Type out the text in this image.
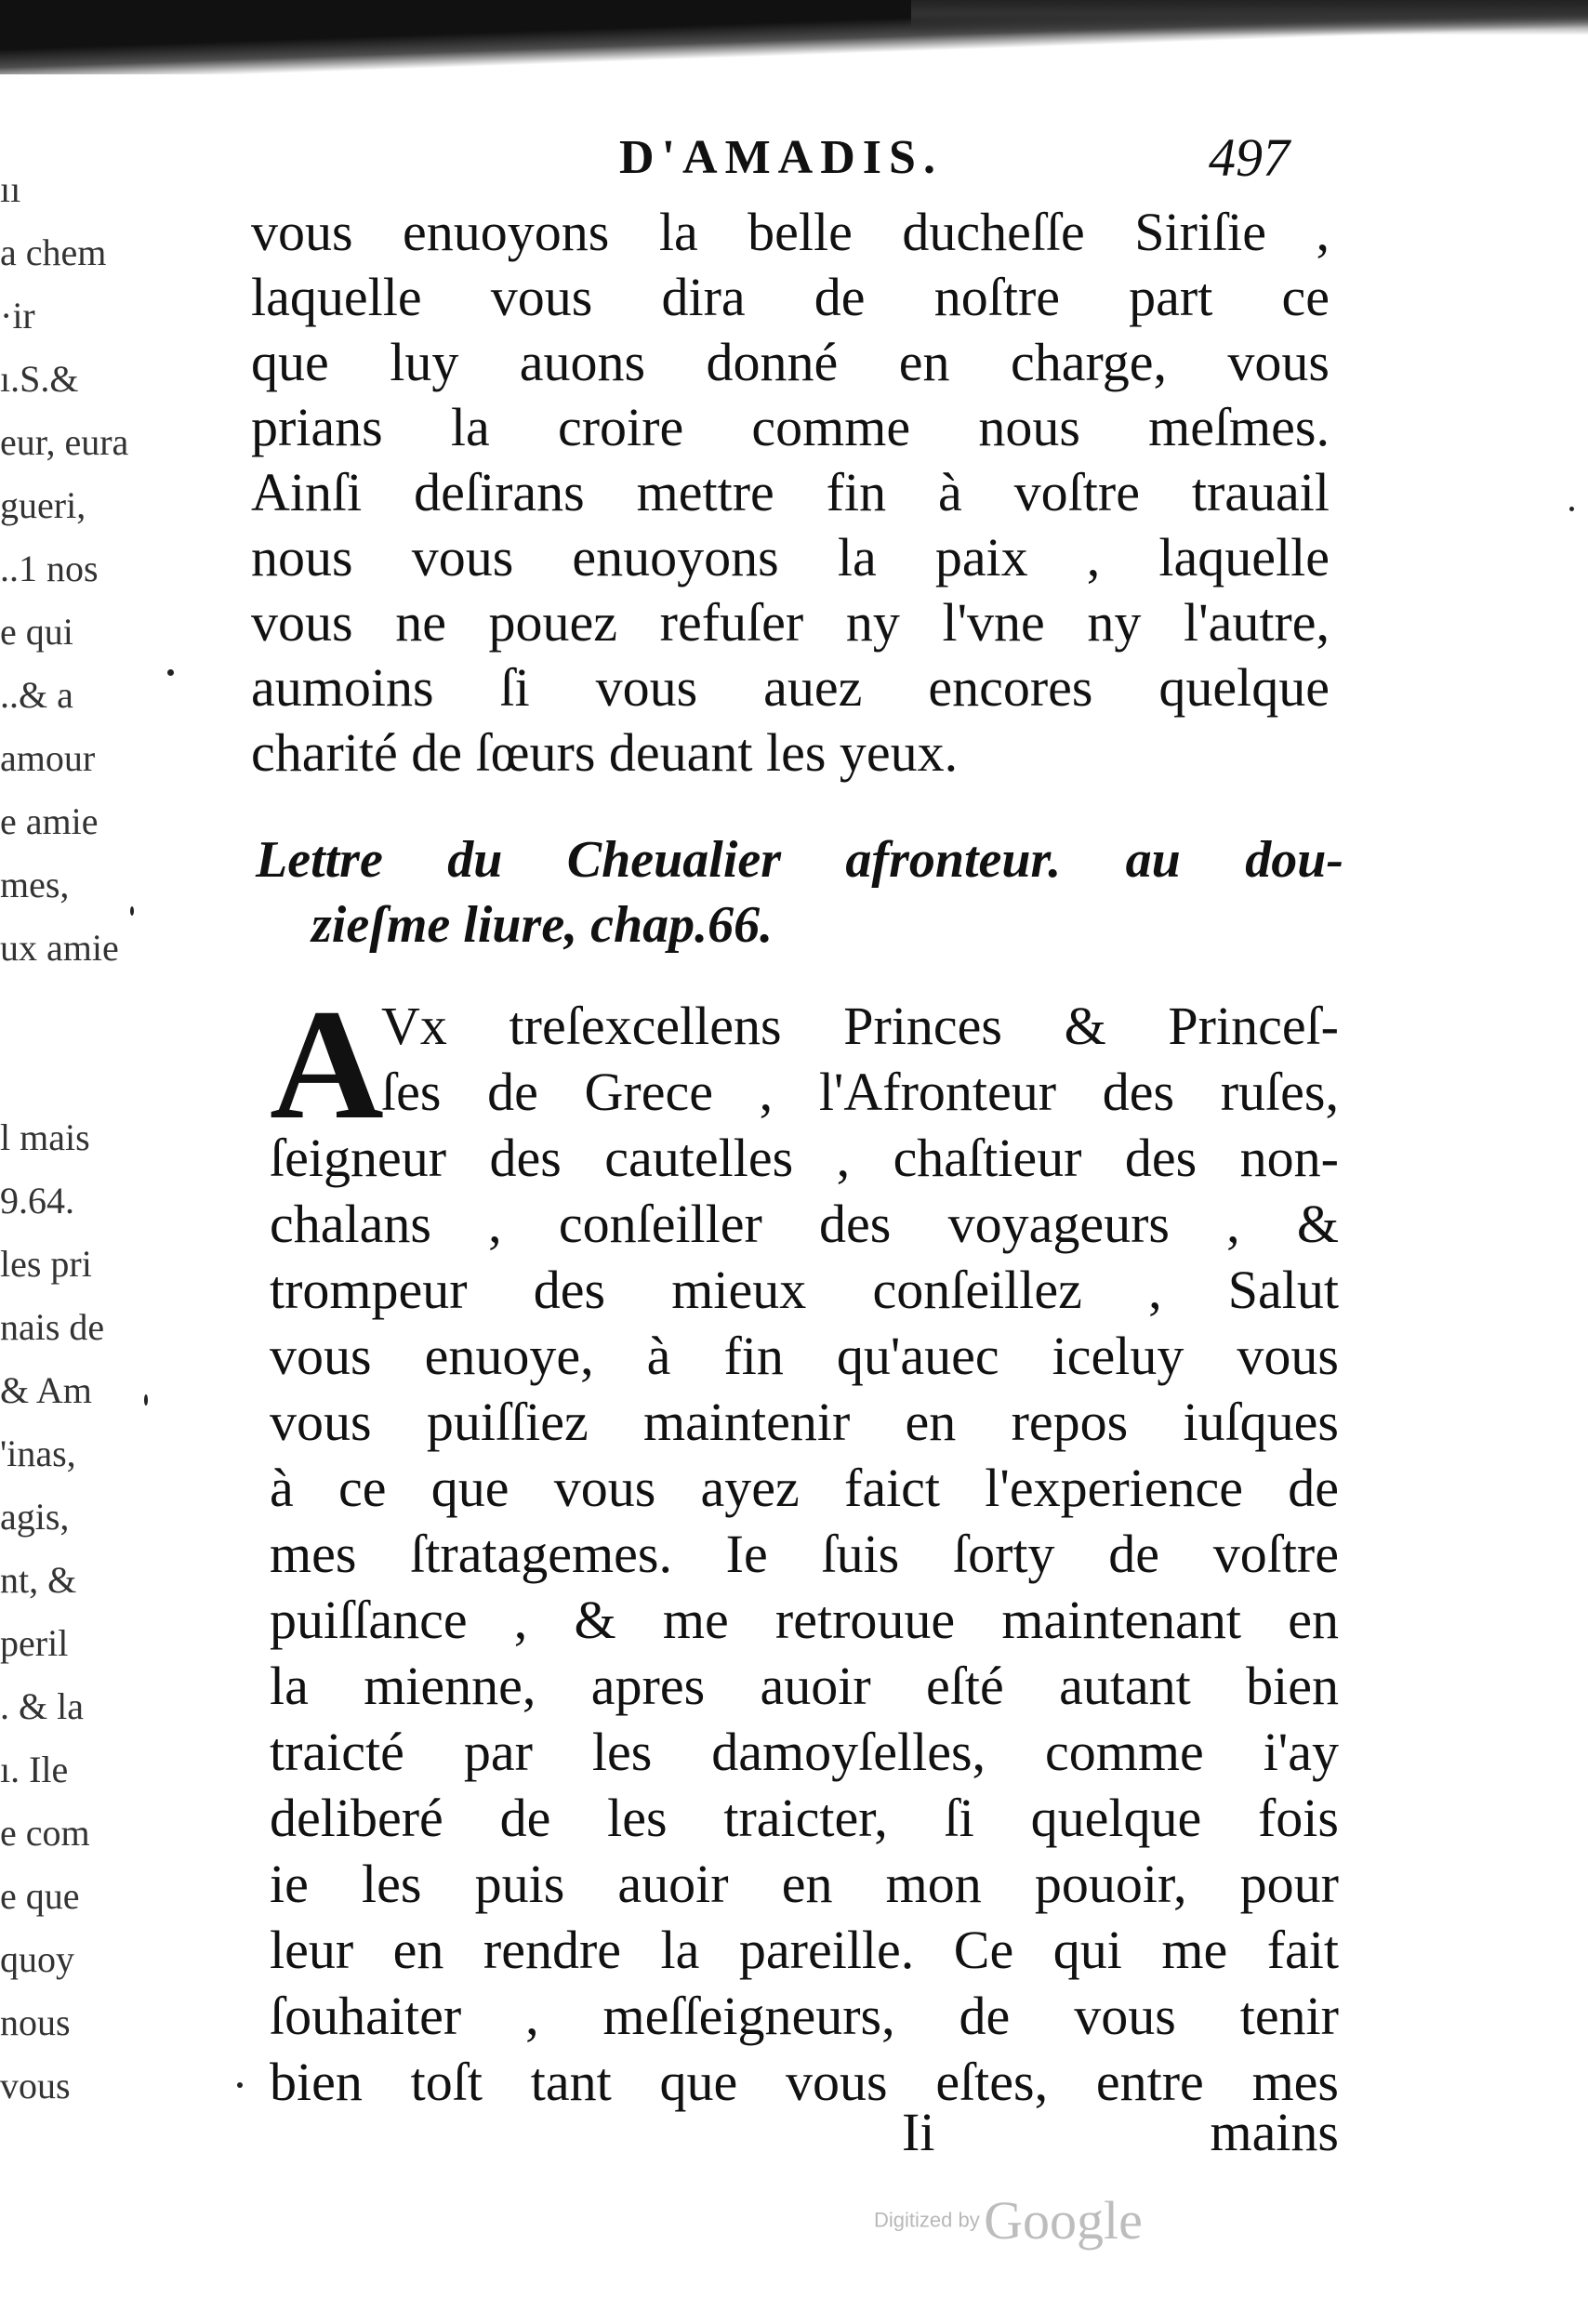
ıı
a chem
·ir
ı.S.&
eur, eura
gueri,
..1 nos
e qui
..& a
amour
e amie
mes,
ux amie

l mais
9.64.
les pri
nais de
& Am
'inas,
agis,
nt, &
peril
. & la
ı. Ile
e com
e que
quoy
nous
vous
D'AMADIS.	497
vous enuoyons la belle ducheſſe Siriſie ,
laquelle vous dira de noſtre part ce
que luy auons donné en charge, vous
prians la croire comme nous meſmes.
Ainſi deſirans mettre fin à voſtre trauail
nous vous enuoyons la paix , laquelle
vous ne pouez refuſer ny l'vne ny l'autre,
aumoins ſi vous auez encores quelque
charité de ſœurs deuant les yeux.
Lettre du Cheualier afronteur. au dou-
zieſme liure, chap.66.
A
Vx treſexcellens Princes & Princeſ-
ſes de Grece , l'Afronteur des ruſes,
ſeigneur des cautelles , chaſtieur des non-
chalans , conſeiller des voyageurs , &
trompeur des mieux conſeillez , Salut
vous enuoye, à fin qu'auec iceluy vous
vous puiſſiez maintenir en repos iuſques
à ce que vous ayez faict l'experience de
mes ſtratagemes. Ie ſuis ſorty de voſtre
puiſſance , & me retrouue maintenant en
la mienne, apres auoir eſté autant bien
traicté par les damoyſelles, comme i'ay
deliberé de les traicter, ſi quelque fois
ie les puis auoir en mon pouoir, pour
leur en rendre la pareille. Ce qui me fait
ſouhaiter , meſſeigneurs, de vous tenir
bien toſt tant que vous eſtes, entre mes
Ii	mains
Digitized by Google
